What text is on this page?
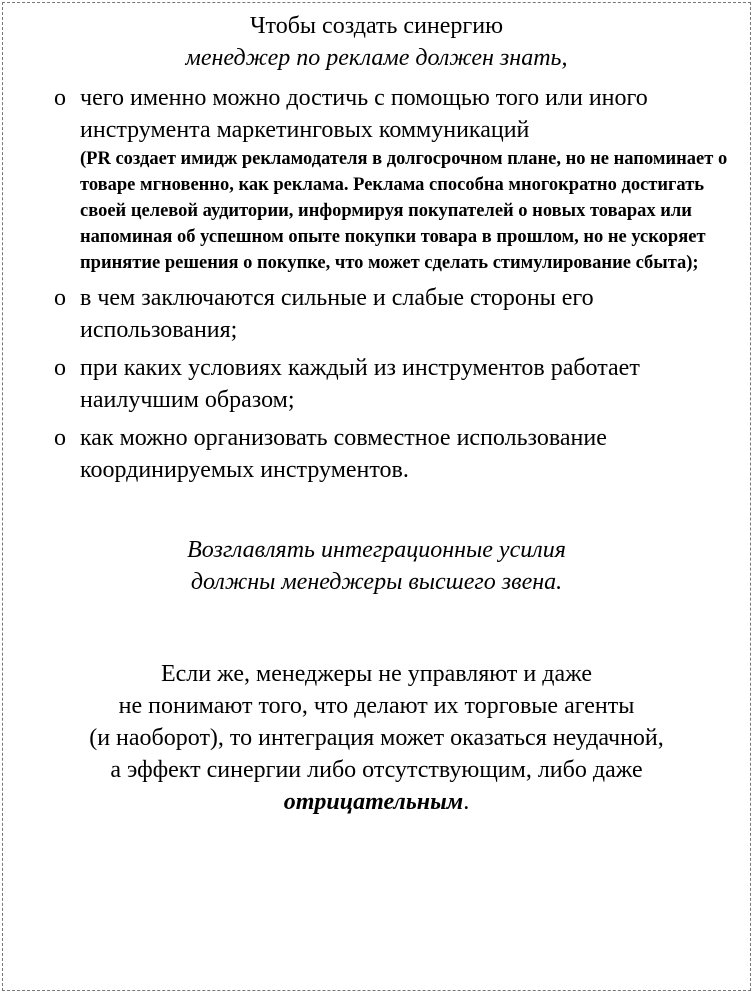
Чтобы создать синергию
менеджер по рекламе должен знать,
o чего именно можно достичь с помощью того или иного инструмента маркетинговых коммуникаций
(PR создает имидж рекламодателя в долгосрочном плане, но не напоминает о товаре мгновенно, как реклама. Реклама способна многократно достигать своей целевой аудитории, информируя покупателей о новых товарах или напоминая об успешном опыте покупки товара в прошлом, но не ускоряет принятие решения о покупке, что может сделать стимулирование сбыта);
o в чем заключаются сильные и слабые стороны его использования;
o при каких условиях каждый из инструментов работает наилучшим образом;
o как можно организовать совместное использование координируемых инструментов.
Возглавлять интеграционные усилия
должны менеджеры высшего звена.
Если же, менеджеры не управляют и даже
не понимают того, что делают их торговые агенты
(и наоборот), то интеграция может оказаться неудачной,
а эффект синергии либо отсутствующим, либо даже
отрицательным.
